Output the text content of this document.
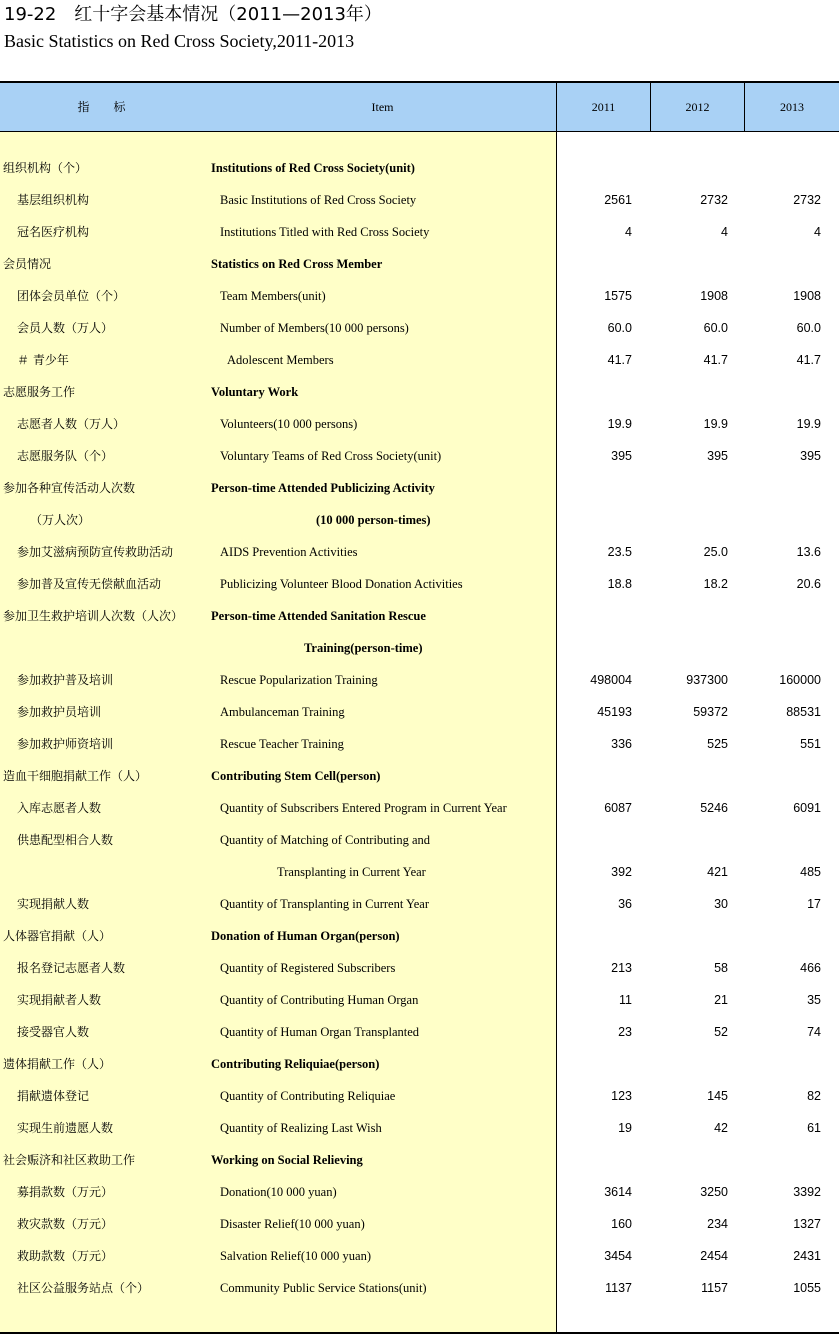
19-22　红十字会基本情况（2011—2013年）
Basic Statistics on Red Cross Society,2011-2013
指　标	Item	2011	2012	2013
组织机构（个）	Institutions of Red Cross Society(unit)
基层组织机构	Basic Institutions of Red Cross Society	2561	2732	2732
冠名医疗机构	Institutions Titled with Red Cross Society	4	4	4
会员情况	Statistics on Red Cross Member
团体会员单位（个）	Team Members(unit)	1575	1908	1908
会员人数（万人）	Number of Members(10 000 persons)	60.0	60.0	60.0
＃ 青少年	Adolescent Members	41.7	41.7	41.7
志愿服务工作	Voluntary Work
志愿者人数（万人）	Volunteers(10 000 persons)	19.9	19.9	19.9
志愿服务队（个）	Voluntary Teams of Red Cross Society(unit)	395	395	395
参加各种宣传活动人次数	Person-time Attended Publicizing Activity
（万人次）	(10 000 person-times)
参加艾滋病预防宣传救助活动	AIDS Prevention Activities	23.5	25.0	13.6
参加普及宣传无偿献血活动	Publicizing Volunteer Blood Donation Activities	18.8	18.2	20.6
参加卫生救护培训人次数（人次） Person-time Attended Sanitation Rescue
Training(person-time)
参加救护普及培训	Rescue Popularization Training	498004	937300	160000
参加救护员培训	Ambulanceman Training	45193	59372	88531
参加救护师资培训	Rescue Teacher Training	336	525	551
造血干细胞捐献工作（人）	Contributing Stem Cell(person)
入库志愿者人数	Quantity of Subscribers Entered Program in Current Year	6087	5246	6091
供患配型相合人数	Quantity of Matching of Contributing and
Transplanting in Current Year	392	421	485
实现捐献人数	Quantity of Transplanting in Current Year	36	30	17
人体器官捐献（人）	Donation of Human Organ(person)
报名登记志愿者人数	Quantity of Registered Subscribers	213	58	466
实现捐献者人数	Quantity of Contributing Human Organ	11	21	35
接受器官人数	Quantity of Human Organ Transplanted	23	52	74
遗体捐献工作（人）	Contributing Reliquiae(person)
捐献遗体登记	Quantity of Contributing Reliquiae	123	145	82
实现生前遗愿人数	Quantity of Realizing Last Wish	19	42	61
社会赈济和社区救助工作	Working on Social Relieving
募捐款数（万元）	Donation(10 000 yuan)	3614	3250	3392
救灾款数（万元）	Disaster Relief(10 000 yuan)	160	234	1327
救助款数（万元）	Salvation Relief(10 000 yuan)	3454	2454	2431
社区公益服务站点（个）	Community Public Service Stations(unit)	1137	1157	1055
